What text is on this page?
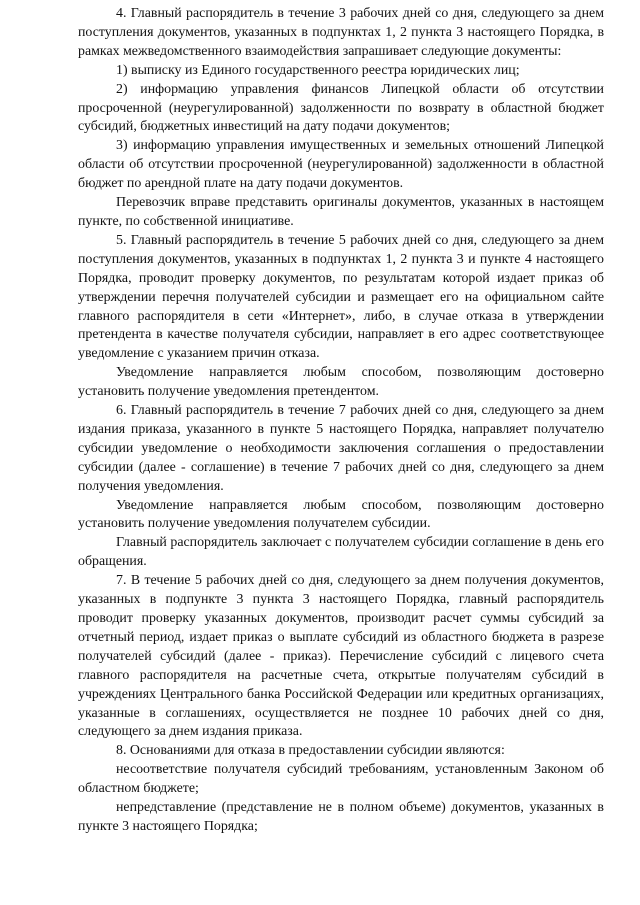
4. Главный распорядитель в течение 3 рабочих дней со дня, следующего за днем поступления документов, указанных в подпунктах 1, 2 пункта 3 настоящего Порядка, в рамках межведомственного взаимодействия запрашивает следующие документы:

1) выписку из Единого государственного реестра юридических лиц;

2) информацию управления финансов Липецкой области об отсутствии просроченной (неурегулированной) задолженности по возврату в областной бюджет субсидий, бюджетных инвестиций на дату подачи документов;

3) информацию управления имущественных и земельных отношений Липецкой области об отсутствии просроченной (неурегулированной) задолженности в областной бюджет по арендной плате на дату подачи документов.

Перевозчик вправе представить оригиналы документов, указанных в настоящем пункте, по собственной инициативе.

5. Главный распорядитель в течение 5 рабочих дней со дня, следующего за днем поступления документов, указанных в подпунктах 1, 2 пункта 3 и пункте 4 настоящего Порядка, проводит проверку документов, по результатам которой издает приказ об утверждении перечня получателей субсидии и размещает его на официальном сайте главного распорядителя в сети «Интернет», либо, в случае отказа в утверждении претендента в качестве получателя субсидии, направляет в его адрес соответствующее уведомление с указанием причин отказа.

Уведомление направляется любым способом, позволяющим достоверно установить получение уведомления претендентом.

6. Главный распорядитель в течение 7 рабочих дней со дня, следующего за днем издания приказа, указанного в пункте 5 настоящего Порядка, направляет получателю субсидии уведомление о необходимости заключения соглашения о предоставлении субсидии (далее - соглашение) в течение 7 рабочих дней со дня, следующего за днем получения уведомления.

Уведомление направляется любым способом, позволяющим достоверно установить получение уведомления получателем субсидии.

Главный распорядитель заключает с получателем субсидии соглашение в день его обращения.

7. В течение 5 рабочих дней со дня, следующего за днем получения документов, указанных в подпункте 3 пункта 3 настоящего Порядка, главный распорядитель проводит проверку указанных документов, производит расчет суммы субсидий за отчетный период, издает приказ о выплате субсидий из областного бюджета в разрезе получателей субсидий (далее - приказ). Перечисление субсидий с лицевого счета главного распорядителя на расчетные счета, открытые получателям субсидий в учреждениях Центрального банка Российской Федерации или кредитных организациях, указанные в соглашениях, осуществляется не позднее 10 рабочих дней со дня, следующего за днем издания приказа.

8. Основаниями для отказа в предоставлении субсидии являются:

несоответствие получателя субсидий требованиям, установленным Законом об областном бюджете;

непредставление (представление не в полном объеме) документов, указанных в пункте 3 настоящего Порядка;
